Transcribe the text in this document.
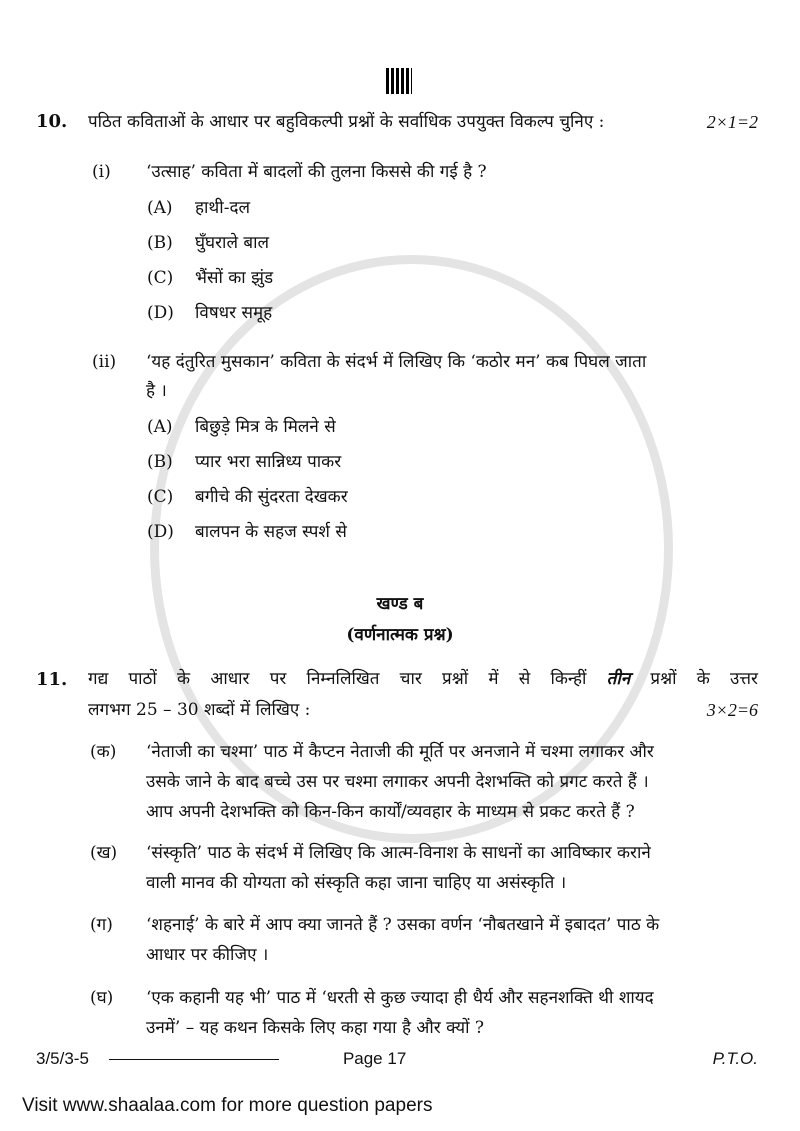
10.	पठित कविताओं के आधार पर बहुविकल्पी प्रश्नों के सर्वाधिक उपयुक्त विकल्प चुनिए :	2×1=2
(i)	‘उत्साह’ कविता में बादलों की तुलना किससे की गई है ?
(A)	हाथी-दल
(B)	घुँघराले बाल
(C)	भैंसों का झुंड
(D)	विषधर समूह
(ii)	‘यह दंतुरित मुसकान’ कविता के संदर्भ में लिखिए कि ‘कठोर मन’ कब पिघल जाता
है ।
(A)	बिछुड़े मित्र के मिलने से
(B)	प्यार भरा सान्निध्य पाकर
(C)	बगीचे की सुंदरता देखकर
(D)	बालपन के सहज स्पर्श से
खण्ड ब
(वर्णनात्मक प्रश्न)
11.	गद्य पाठों के आधार पर निम्नलिखित चार प्रश्नों में से किन्हीं तीन प्रश्नों के उत्तर
लगभग 25 – 30 शब्दों में लिखिए :	3×2=6
(क)	‘नेताजी का चश्मा’ पाठ में कैप्टन नेताजी की मूर्ति पर अनजाने में चश्मा लगाकर और
उसके जाने के बाद बच्चे उस पर चश्मा लगाकर अपनी देशभक्ति को प्रगट करते हैं ।
आप अपनी देशभक्ति को किन-किन कार्यों/व्यवहार के माध्यम से प्रकट करते हैं ?
(ख)	‘संस्कृति’ पाठ के संदर्भ में लिखिए कि आत्म-विनाश के साधनों का आविष्कार कराने
वाली मानव की योग्यता को संस्कृति कहा जाना चाहिए या असंस्कृति ।
(ग)	‘शहनाई’ के बारे में आप क्या जानते हैं ? उसका वर्णन ‘नौबतखाने में इबादत’ पाठ के
आधार पर कीजिए ।
(घ)	‘एक कहानी यह भी’ पाठ में ‘धरती से कुछ ज्यादा ही धैर्य और सहनशक्ति थी शायद
उनमें’ – यह कथन किसके लिए कहा गया है और क्यों ?
3/5/3-5	Page 17	P.T.O.
Visit www.shaalaa.com for more question papers
